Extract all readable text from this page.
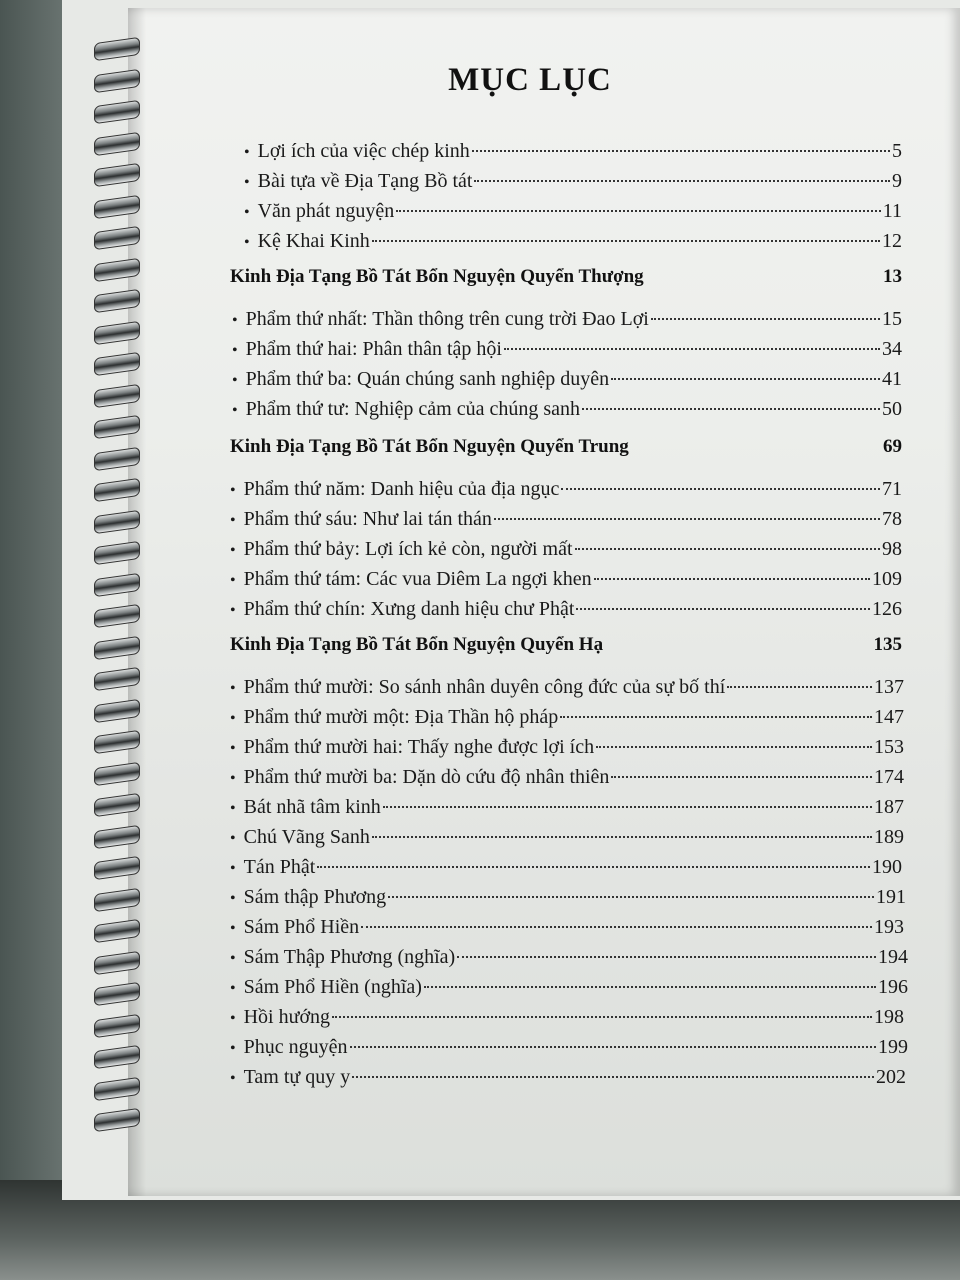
MỤC LỤC
• Lợi ích của việc chép kinh	5
• Bài tựa về Địa Tạng Bồ tát	9
• Văn phát nguyện	11
• Kệ Khai Kinh	12
Kinh Địa Tạng Bồ Tát Bổn Nguyện Quyển Thượng	13
• Phẩm thứ nhất: Thần thông trên cung trời Đao Lợi	15
• Phẩm thứ hai: Phân thân tập hội	34
• Phẩm thứ ba: Quán chúng sanh nghiệp duyên	41
• Phẩm thứ tư: Nghiệp cảm của chúng sanh	50
Kinh Địa Tạng Bồ Tát Bổn Nguyện Quyển Trung	69
• Phẩm thứ năm: Danh hiệu của địa ngục	71
• Phẩm thứ sáu: Như lai tán thán	78
• Phẩm thứ bảy: Lợi ích kẻ còn, người mất	98
• Phẩm thứ tám: Các vua Diêm La ngợi khen	109
• Phẩm thứ chín: Xưng danh hiệu chư Phật	126
Kinh Địa Tạng Bồ Tát Bổn Nguyện Quyển Hạ	135
• Phẩm thứ mười: So sánh nhân duyên công đức của sự bố thí	137
• Phẩm thứ mười một: Địa Thần hộ pháp	147
• Phẩm thứ mười hai: Thấy nghe được lợi ích	153
• Phẩm thứ mười ba: Dặn dò cứu độ nhân thiên	174
• Bát nhã tâm kinh	187
• Chú Vãng Sanh	189
• Tán Phật	190
• Sám thập Phương	191
• Sám Phổ Hiền	193
• Sám Thập Phương (nghĩa)	194
• Sám Phổ Hiền (nghĩa)	196
• Hồi hướng	198
• Phục nguyện	199
• Tam tự quy y	202
